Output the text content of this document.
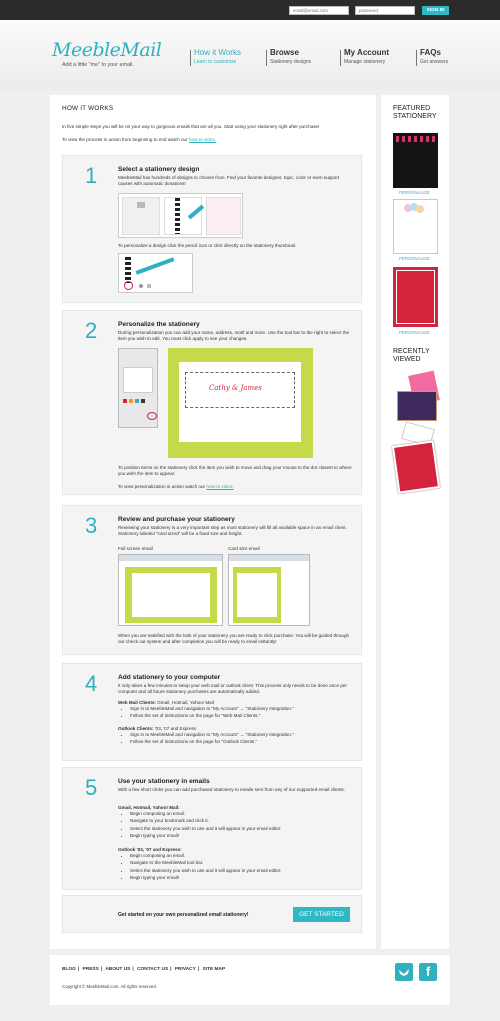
email@email.com
SIGN IN
MeebleMail
Add a little "me" to your email.
How it Works
Learn to customize
Browse
Stationery designs
My Account
Manage stationery
FAQs
Get answers
HOW IT WORKS

In five simple steps you will be on your way to gorgeous emails that are all you. Start using your stationery right after purchase!

To view the process in action from beginning to end watch our how-to video.

1	Select a stationery design

MeebleMail has hundreds of designs to choose from. Find your favorite designer, topic, color or even support causes with automatic donations!

To personalize a design click the pencil icon or click directly on the stationery thumbnail.

2	Personalize the stationery

During personalization you can add your name, address, motif and more. Use the tool bar to the right to select the item you wish to edit. You must click apply to see your changes.

Cathy & James

To position items on the stationery click the item you wish to move and drag your mouse to the dot closest to where you wish the item to appear.

To view personalization in action watch our how-to video.

3	Review and purchase your stationery

Reviewing your stationery is a very important step as most stationery will fill all available space in an email client. Stationery labeled "card sized" will be a fixed size and height.

Full screen email	Card size email

When you are satisfied with the look of your stationery you are ready to click purchase. You will be guided through our check out system and after completion you will be ready to email instantly!

4	Add stationery to your computer

It only takes a few minutes to setup your web mail or outlook client. This process only needs to be done once per computer and all future stationery purchases are automatically added.

Web Mail Clients: Gmail, Hotmail, Yahoo! Mail

• Sign in to MeebleMail and navigation to "My Account" → "Stationery Integration."
• Follow the set of instructions on the page for "Web Mail Clients."

Outlook Clients: '03, '07 and Express

• Sign in to MeebleMail and navigation to "My Account" → "Stationery Integration."
• Follow the set of instructions on the page for "Outlook Clients."
5	Use your stationery in emails

With a few short clicks you can add purchased stationery to emails sent from any of our supported email clients.

Gmail, Hotmail, Yahoo! Mail:

• Begin composing an email.
• Navigate to your bookmark and click it.
• Select the stationery you wish to use and it will appear in your email editor.
• Begin typing your email!

Outlook '03, '07 and Express:

• Begin composing an email.
• Navigate to the MeebleMail tool bar.
• Select the stationery you wish to use and it will appear in your email editor.
• Begin typing your email!
Get started on your own personalized email stationery!	GET STARTED
FEATURED STATIONERY
PERSONALIZE
PERSONALIZE
PERSONALIZE
RECENTLY VIEWED
BLOG | PRESS | ABOUT US | CONTACT US | PRIVACY | SITE MAP
Copyright © MeebleMail.com. All rights reserved.
f
